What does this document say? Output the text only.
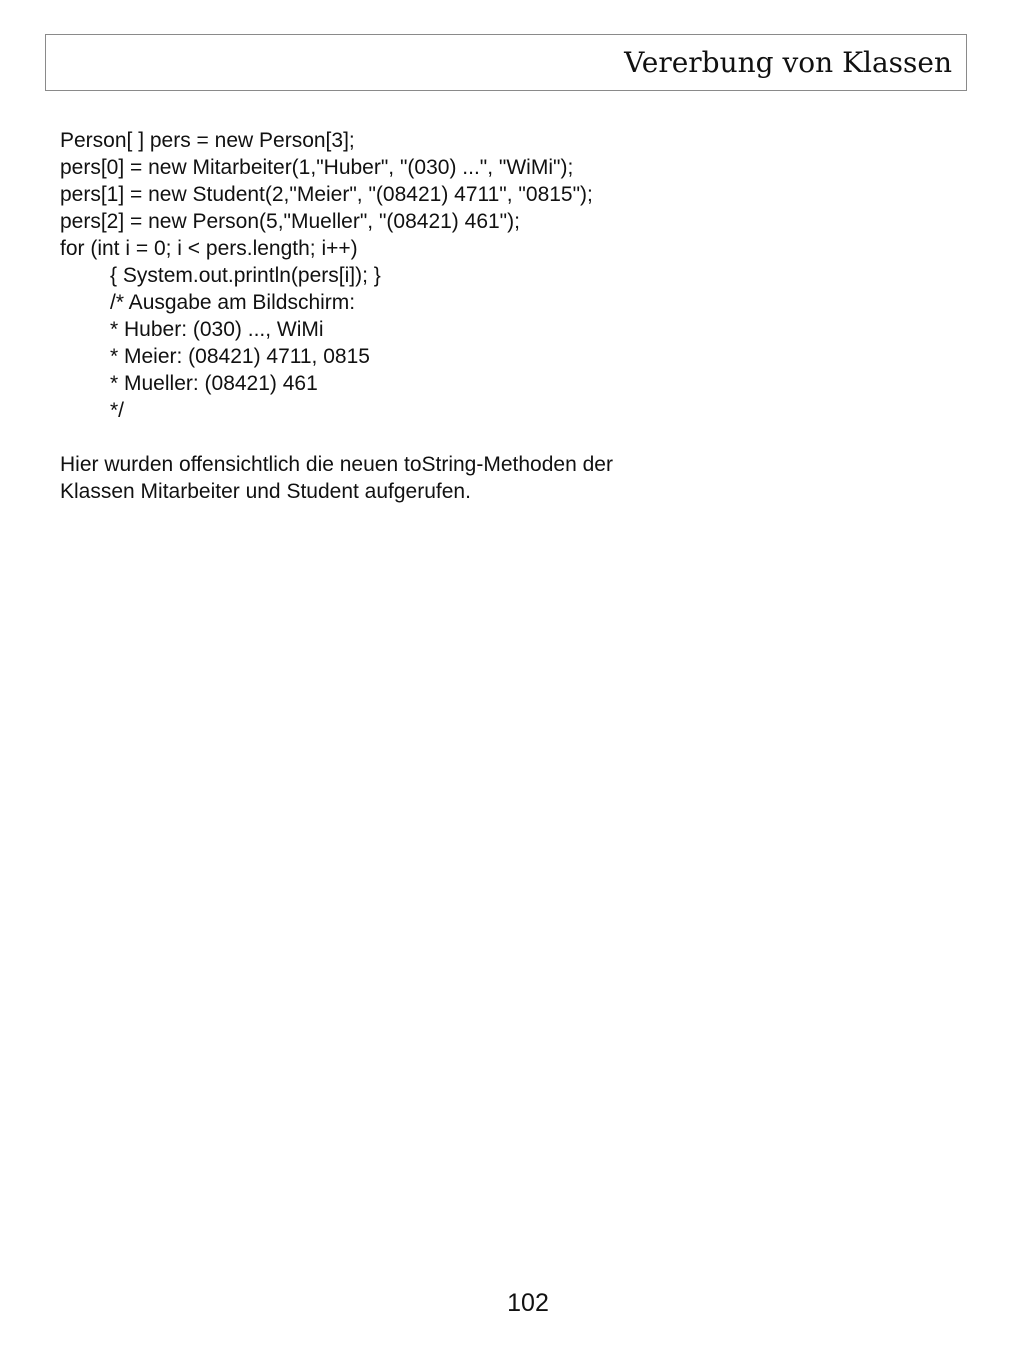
Vererbung von Klassen
Person[ ] pers = new Person[3];
pers[0] = new Mitarbeiter(1,"Huber", "(030) ...", "WiMi");
pers[1] = new Student(2,"Meier", "(08421) 4711", "0815");
pers[2] = new Person(5,"Mueller", "(08421) 461");
for (int i = 0; i < pers.length; i++)
{ System.out.println(pers[i]); }
/* Ausgabe am Bildschirm:
* Huber: (030) ..., WiMi
* Meier: (08421) 4711, 0815
* Mueller: (08421) 461
*/
Hier wurden offensichtlich die neuen toString-Methoden der
Klassen Mitarbeiter und Student aufgerufen.
102
